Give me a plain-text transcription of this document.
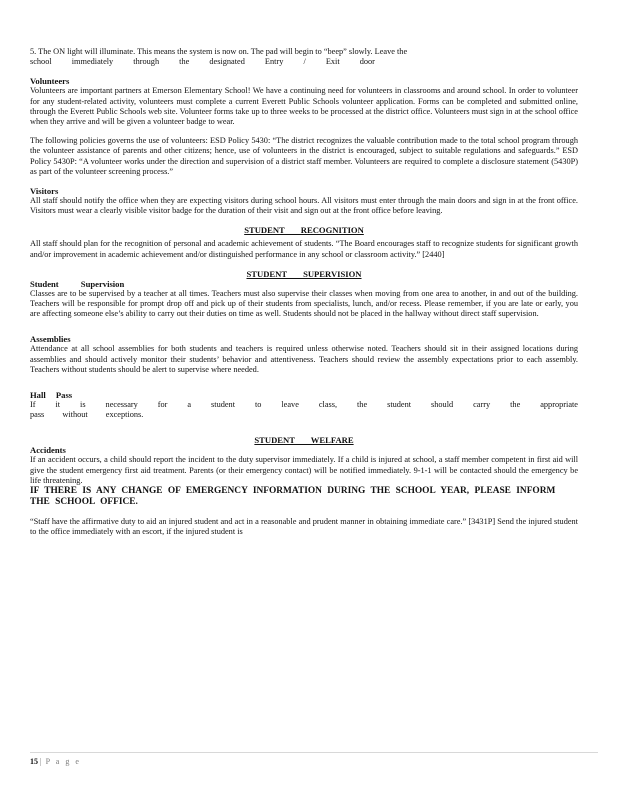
5. The ON light will illuminate. This means the system is now on. The pad will begin to “beep” slowly. Leave the

school immediately through the designated Entry / Exit door

Volunteers

Volunteers are important partners at Emerson Elementary School! We have a continuing need for volunteers in classrooms and around school. In order to volunteer for any student-related activity, volunteers must complete a current Everett Public Schools volunteer application. Forms can be completed and submitted online, through the Everett Public Schools web site. Volunteer forms take up to three weeks to be processed at the district office. Volunteers must sign in at the school office when they arrive and will be given a volunteer badge to wear.

The following policies governs the use of volunteers: ESD Policy 5430: “The district recognizes the valuable contribution made to the total school program through the volunteer assistance of parents and other citizens; hence, use of volunteers in the district is encouraged, subject to suitable regulations and safeguards.” ESD Policy 5430P: “A volunteer works under the direction and supervision of a district staff member. Volunteers are required to complete a disclosure statement (5430P) as part of the volunteer screening process.”

Visitors

All staff should notify the office when they are expecting visitors during school hours. All visitors must enter through the main doors and sign in at the front office. Visitors must wear a clearly visible visitor badge for the duration of their visit and sign out at the front office before leaving.

STUDENT RECOGNITION

All staff should plan for the recognition of personal and academic achievement of students. “The Board encourages staff to recognize students for significant growth and/or improvement in academic achievement and/or distinguished performance in any school or classroom activity.” [2440]

STUDENT SUPERVISION

Student Supervision

Classes are to be supervised by a teacher at all times. Teachers must also supervise their classes when moving from one area to another, in and out of the building. Teachers will be responsible for prompt drop off and pick up of their students from specialists, lunch, and/or recess. Please remember, if you are late or early, you are affecting someone else’s ability to carry out their duties on time as well. Students should not be placed in the hallway without direct staff supervision.

Assemblies

Attendance at all school assemblies for both students and teachers is required unless otherwise noted. Teachers should sit in their assigned locations during assemblies and should actively monitor their students’ behavior and attentiveness. Teachers should review the assembly expectations prior to each assembly. Teachers without students should be alert to supervise where needed.

Hall Pass

If it is necessary for a student to leave class, the student should carry the appropriate pass without exceptions.

STUDENT WELFARE

Accidents

If an accident occurs, a child should report the incident to the duty supervisor immediately. If a child is injured at school, a staff member competent in first aid will give the student emergency first aid treatment. Parents (or their emergency contact) will be notified immediately. 9-1-1 will be contacted should the emergency be life threatening.

IF THERE IS ANY CHANGE OF EMERGENCY INFORMATION DURING THE SCHOOL YEAR, PLEASE INFORM THE SCHOOL OFFICE.

“Staff have the affirmative duty to aid an injured student and act in a reasonable and prudent manner in obtaining immediate care.” [3431P] Send the injured student to the office immediately with an escort, if the injured student is

15 | P a g e
